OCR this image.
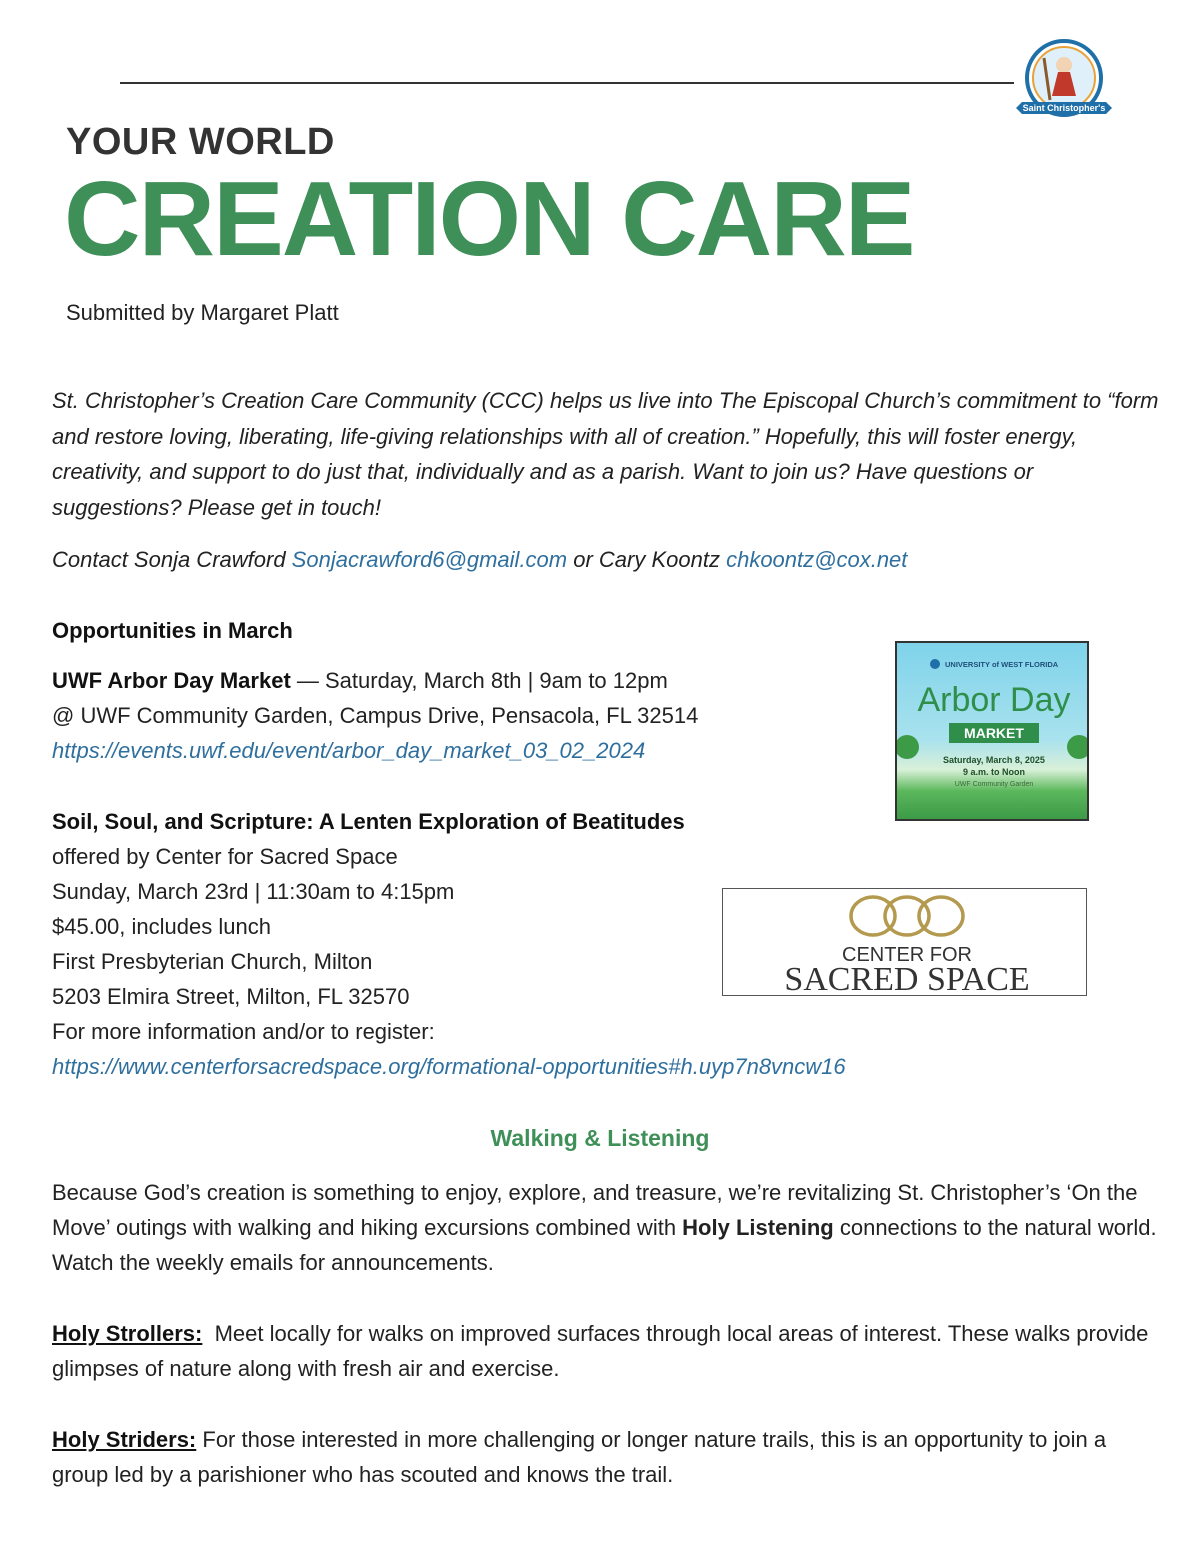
Saint Christopher's
YOUR WORLD
CREATION CARE
Submitted by Margaret Platt
St. Christopher’s Creation Care Community (CCC) helps us live into The Episcopal Church’s commitment to “form and restore loving, liberating, life-giving relationships with all of creation.” Hopefully, this will foster energy, creativity, and support to do just that, individually and as a parish. Want to join us? Have questions or suggestions? Please get in touch!
Contact Sonja Crawford Sonjacrawford6@gmail.com or Cary Koontz chkoontz@cox.net
Opportunities in March
UWF Arbor Day Market — Saturday, March 8th | 9am to 12pm
@ UWF Community Garden, Campus Drive, Pensacola, FL 32514
https://events.uwf.edu/event/arbor_day_market_03_02_2024
UNIVERSITY of WEST FLORIDA
Arbor Day
MARKET
Saturday, March 8, 2025
9 a.m. to Noon
UWF Community Garden
Soil, Soul, and Scripture: A Lenten Exploration of Beatitudes
offered by Center for Sacred Space
Sunday, March 23rd | 11:30am to 4:15pm
$45.00, includes lunch
First Presbyterian Church, Milton
5203 Elmira Street, Milton, FL 32570
For more information and/or to register:
https://www.centerforsacredspace.org/formational-opportunities#h.uyp7n8vncw16
CENTER FOR
SACRED SPACE
Walking & Listening
Because God’s creation is something to enjoy, explore, and treasure, we’re revitalizing St. Christopher’s ‘On the Move’ outings with walking and hiking excursions combined with Holy Listening connections to the natural world. Watch the weekly emails for announcements.
Holy Strollers:  Meet locally for walks on improved surfaces through local areas of interest. These walks provide glimpses of nature along with fresh air and exercise.
Holy Striders: For those interested in more challenging or longer nature trails, this is an opportunity to join a group led by a parishioner who has scouted and knows the trail.
